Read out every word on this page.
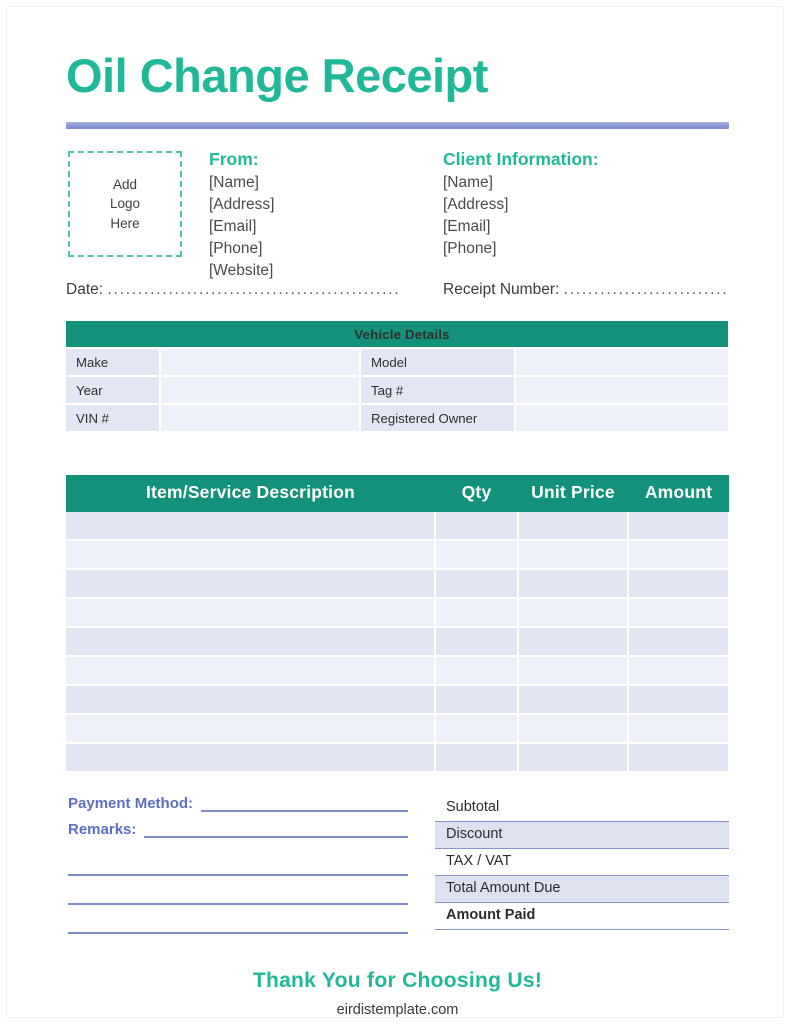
Oil Change Receipt
Add
Logo
Here
From:
[Name]
[Address]
[Email]
[Phone]
[Website]
Client Information:
[Name]
[Address]
[Email]
[Phone]
Date: ................................................	Receipt Number: ...........................
Vehicle Details			
Make		Model	
Year		Tag #	
VIN #		Registered Owner	
Item/Service Description	Qty	Unit Price	Amount

Payment Method:
Remarks:
Subtotal
Discount
TAX / VAT
Total Amount Due
Amount Paid
Thank You for Choosing Us!
eirdistemplate.com
